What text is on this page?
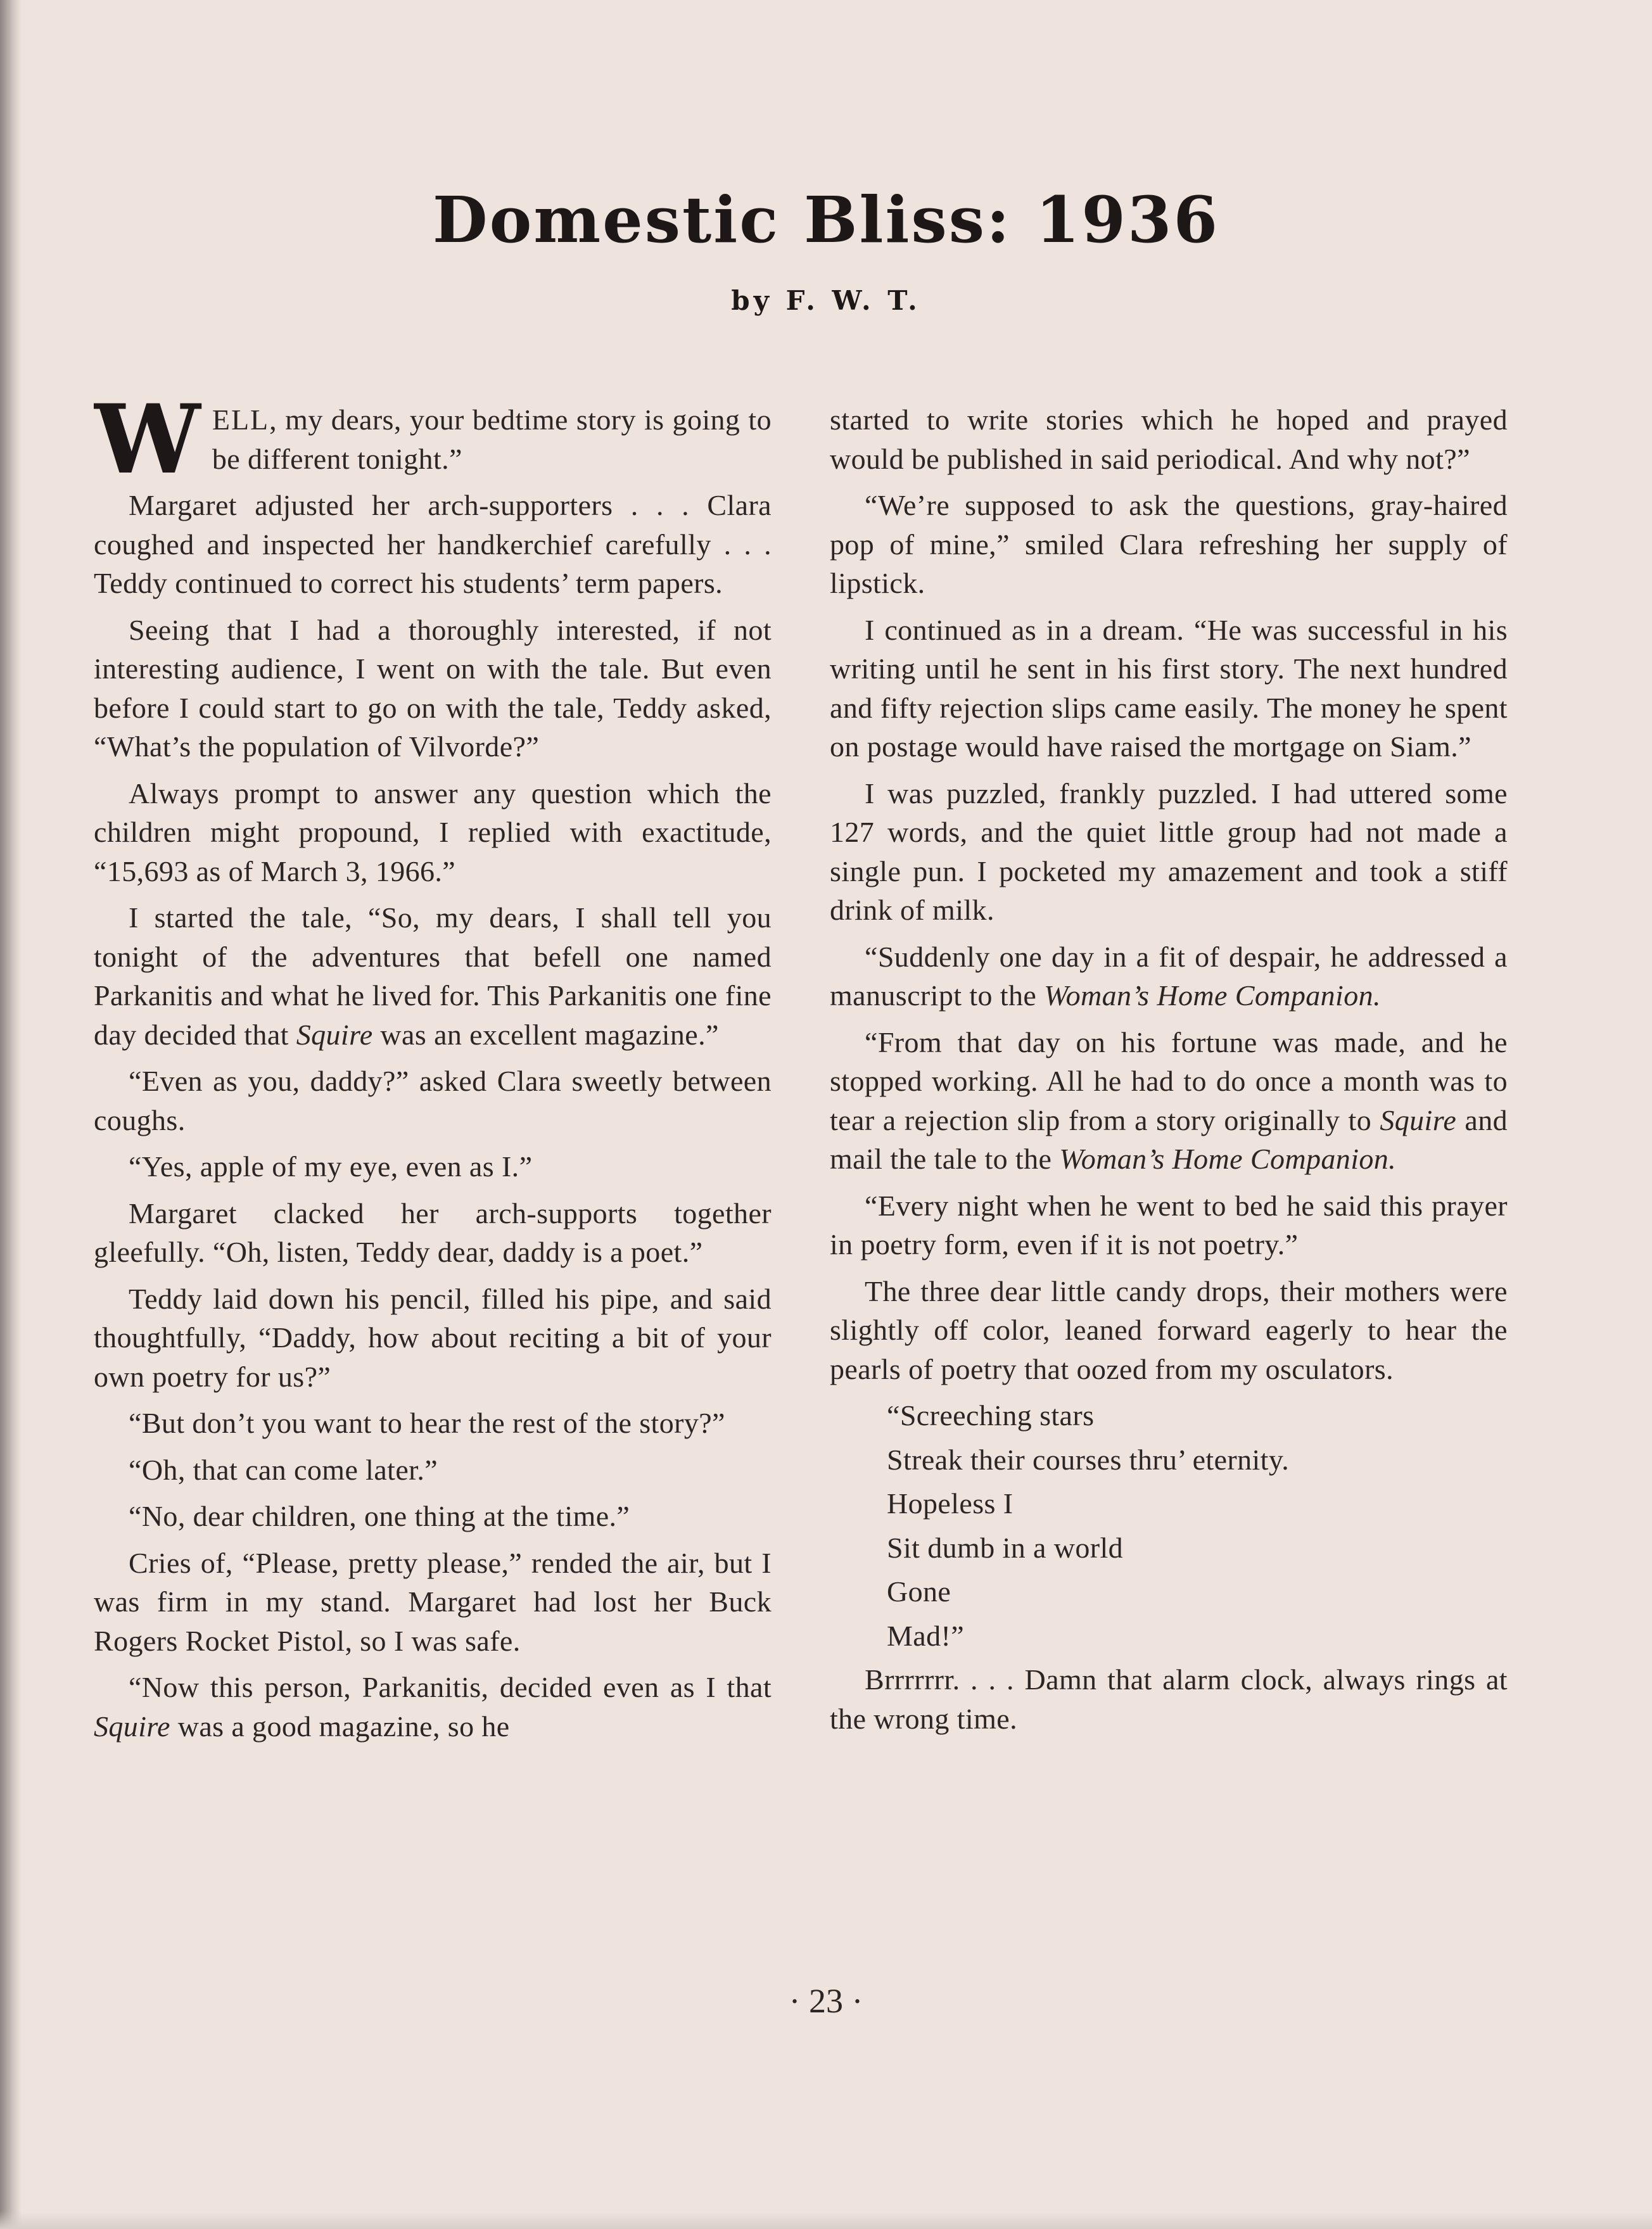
Domestic Bliss: 1936

by F. W. T.

WELL, my dears, your bedtime story is going to be different tonight.”

Margaret adjusted her arch-supporters . . . Clara coughed and inspected her handkerchief carefully . . . Teddy continued to correct his students’ term papers.

Seeing that I had a thoroughly interested, if not interesting audience, I went on with the tale. But even before I could start to go on with the tale, Teddy asked, “What’s the population of Vilvorde?”

Always prompt to answer any question which the children might propound, I replied with exactitude, “15,693 as of March 3, 1966.”

I started the tale, “So, my dears, I shall tell you tonight of the adventures that befell one named Parkanitis and what he lived for. This Parkanitis one fine day decided that Squire was an excellent magazine.”

“Even as you, daddy?” asked Clara sweetly between coughs.

“Yes, apple of my eye, even as I.”

Margaret clacked her arch-supports together gleefully. “Oh, listen, Teddy dear, daddy is a poet.”

Teddy laid down his pencil, filled his pipe, and said thoughtfully, “Daddy, how about reciting a bit of your own poetry for us?”

“But don’t you want to hear the rest of the story?”

“Oh, that can come later.”

“No, dear children, one thing at the time.”

Cries of, “Please, pretty please,” rended the air, but I was firm in my stand. Margaret had lost her Buck Rogers Rocket Pistol, so I was safe.

“Now this person, Parkanitis, decided even as I that Squire was a good magazine, so he

started to write stories which he hoped and prayed would be published in said periodical. And why not?”

“We’re supposed to ask the questions, gray-haired pop of mine,” smiled Clara refreshing her supply of lipstick.

I continued as in a dream. “He was successful in his writing until he sent in his first story. The next hundred and fifty rejection slips came easily. The money he spent on postage would have raised the mortgage on Siam.”

I was puzzled, frankly puzzled. I had uttered some 127 words, and the quiet little group had not made a single pun. I pocketed my amazement and took a stiff drink of milk.

“Suddenly one day in a fit of despair, he addressed a manuscript to the Woman’s Home Companion.

“From that day on his fortune was made, and he stopped working. All he had to do once a month was to tear a rejection slip from a story originally to Squire and mail the tale to the Woman’s Home Companion.

“Every night when he went to bed he said this prayer in poetry form, even if it is not poetry.”

The three dear little candy drops, their mothers were slightly off color, leaned forward eagerly to hear the pearls of poetry that oozed from my osculators.

“Screeching stars

Streak their courses thru’ eternity.

Hopeless I

Sit dumb in a world

Gone

Mad!”

Brrrrrrr. . . . Damn that alarm clock, always rings at the wrong time.

· 23 ·
